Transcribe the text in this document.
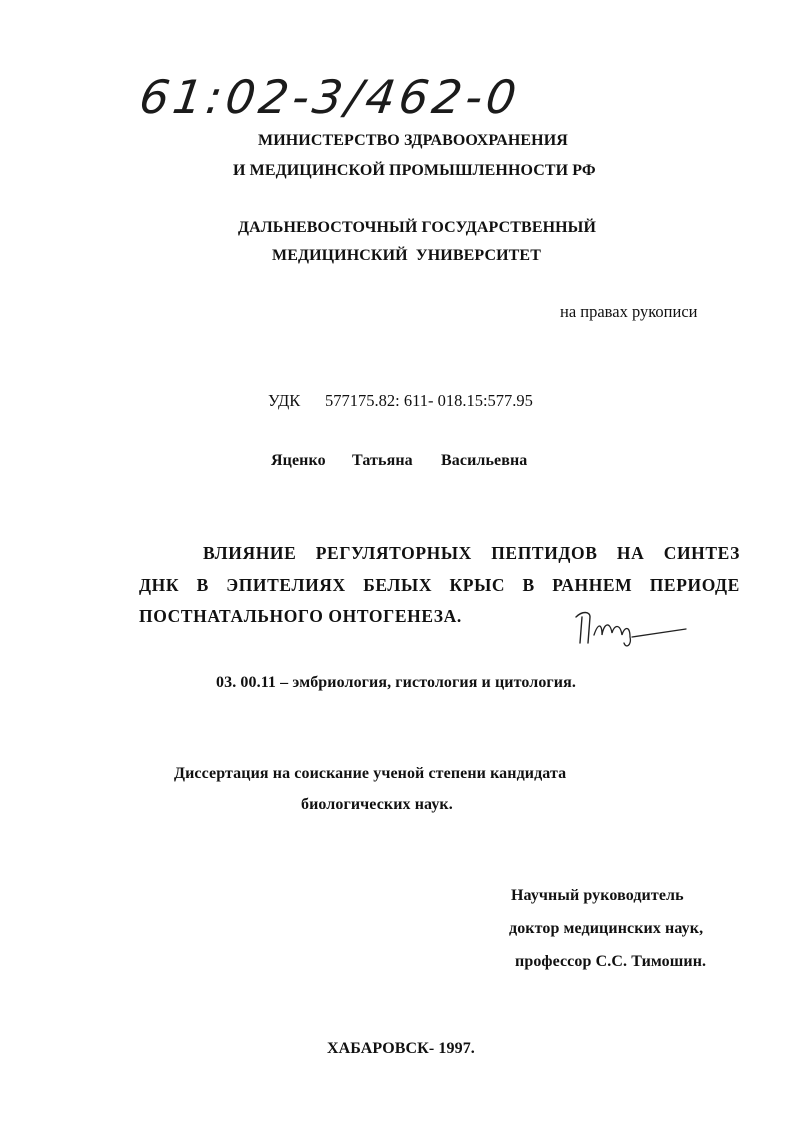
61:02-3/462-0
МИНИСТЕРСТВО ЗДРАВООХРАНЕНИЯ
И МЕДИЦИНСКОЙ ПРОМЫШЛЕННОСТИ РФ
ДАЛЬНЕВОСТОЧНЫЙ ГОСУДАРСТВЕННЫЙ
МЕДИЦИНСКИЙ  УНИВЕРСИТЕТ
на правах рукописи
УДК 577175.82: 611- 018.15:577.95
Яценко Татьяна Васильевна
ВЛИЯНИЕ РЕГУЛЯТОРНЫХ ПЕПТИДОВ НА СИНТЕЗ
ДНК В ЭПИТЕЛИЯХ БЕЛЫХ КРЫС В РАННЕМ ПЕРИОДЕ
ПОСТНАТАЛЬНОГО ОНТОГЕНЕЗА.
03. 00.11 – эмбриология, гистология и цитология.
Диссертация на соискание ученой степени кандидата
биологических наук.
Научный руководитель
доктор медицинских наук,
профессор С.С. Тимошин.
ХАБАРОВСК- 1997.
